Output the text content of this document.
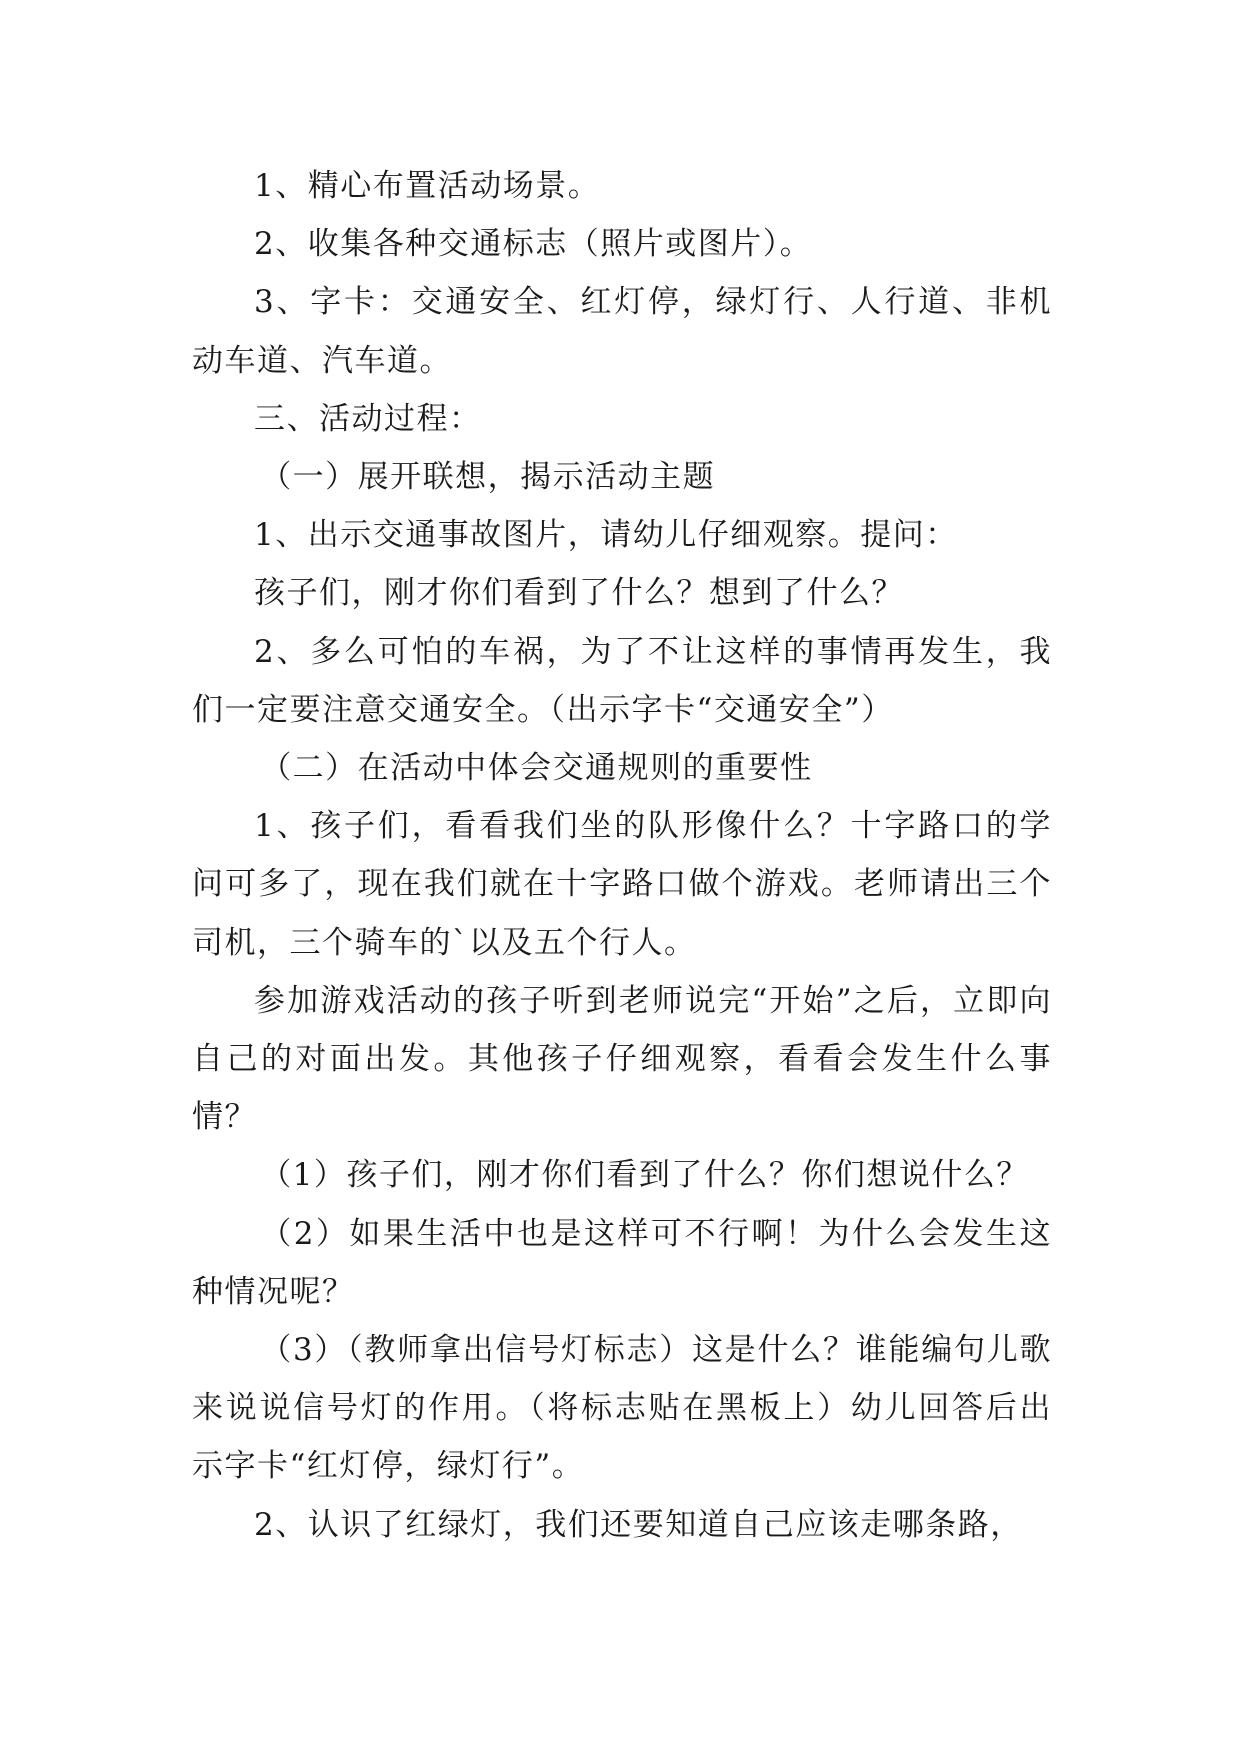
1、精心布置活动场景。

2、收集各种交通标志（照片或图片）。

3、字卡：交通安全、红灯停，绿灯行、人行道、非机动车道、汽车道。

三、活动过程：

（一）展开联想，揭示活动主题

1、出示交通事故图片，请幼儿仔细观察。提问：

孩子们，刚才你们看到了什么？想到了什么？

2、多么可怕的车祸，为了不让这样的事情再发生，我们一定要注意交通安全。（出示字卡“交通安全”）

（二）在活动中体会交通规则的重要性

1、孩子们，看看我们坐的队形像什么？十字路口的学问可多了，现在我们就在十字路口做个游戏。老师请出三个司机，三个骑车的`以及五个行人。

参加游戏活动的孩子听到老师说完“开始”之后，立即向自己的对面出发。其他孩子仔细观察，看看会发生什么事情？

（1）孩子们，刚才你们看到了什么？你们想说什么？

（2）如果生活中也是这样可不行啊！为什么会发生这种情况呢？

（3）（教师拿出信号灯标志）这是什么？谁能编句儿歌来说说信号灯的作用。（将标志贴在黑板上）幼儿回答后出示字卡“红灯停，绿灯行”。

2、认识了红绿灯，我们还要知道自己应该走哪条路，
